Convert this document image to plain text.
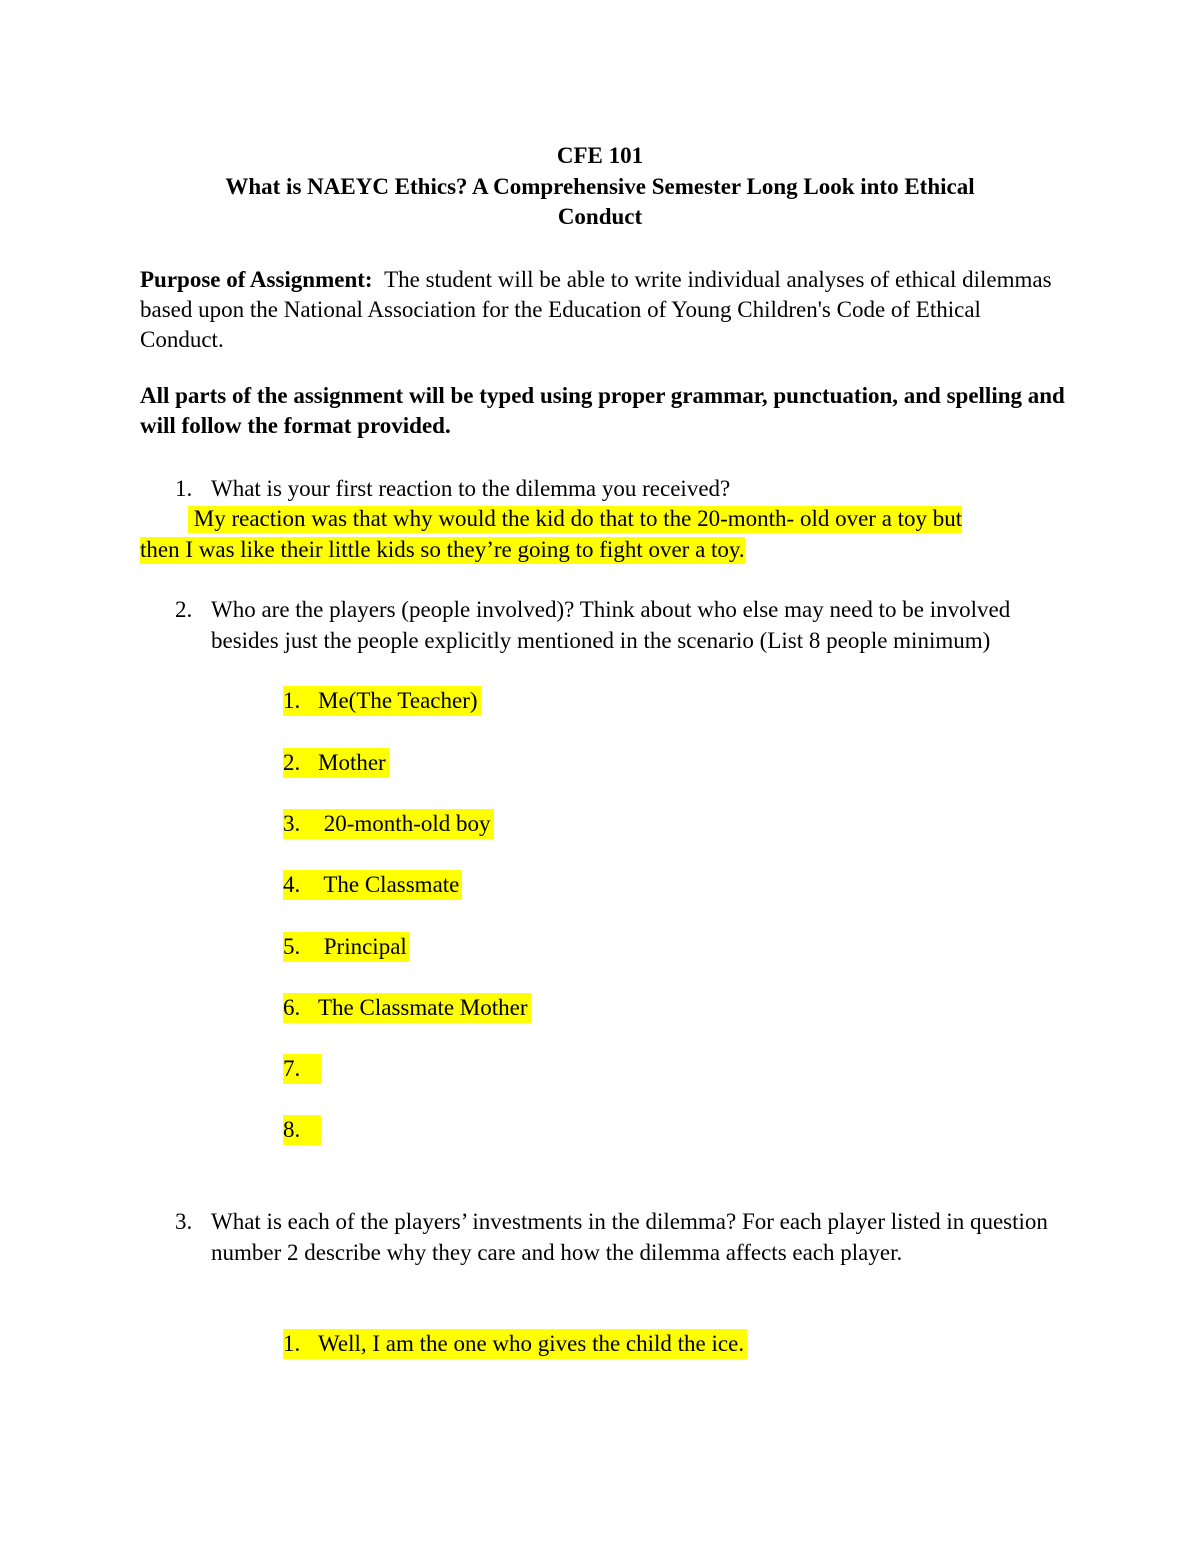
CFE 101
What is NAEYC Ethics? A Comprehensive Semester Long Look into Ethical
Conduct
Purpose of Assignment: The student will be able to write individual analyses of ethical dilemmas based upon the National Association for the Education of Young Children's Code of Ethical Conduct.
All parts of the assignment will be typed using proper grammar, punctuation, and spelling and will follow the format provided.
1. What is your first reaction to the dilemma you received?
My reaction was that why would the kid do that to the 20-month- old over a toy but
then I was like their little kids so they’re going to fight over a toy.
2. Who are the players (people involved)? Think about who else may need to be involved besides just the people explicitly mentioned in the scenario (List 8 people minimum)
1. Me(The Teacher)
2. Mother
3. 20-month-old boy
4. The Classmate
5. Principal
6. The Classmate Mother
7.
8.
3. What is each of the players’ investments in the dilemma? For each player listed in question number 2 describe why they care and how the dilemma affects each player.
1. Well, I am the one who gives the child the ice.
